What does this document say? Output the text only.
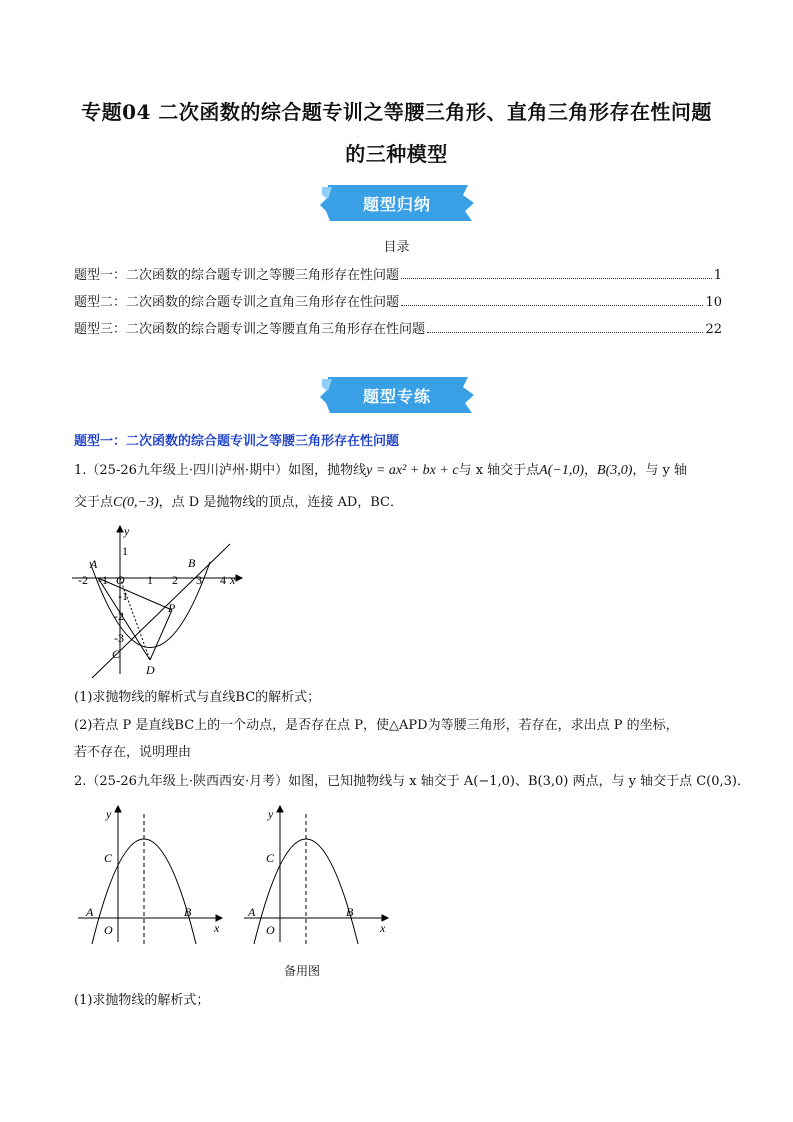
专题04 二次函数的综合题专训之等腰三角形、直角三角形存在性问题
的三种模型
题型归纳
目录
题型一：二次函数的综合题专训之等腰三角形存在性问题	1
题型二：二次函数的综合题专训之直角三角形存在性问题	10
题型三：二次函数的综合题专训之等腰直角三角形存在性问题	22
题型专练
题型一：二次函数的综合题专训之等腰三角形存在性问题
1.（25-26九年级上·四川泸州·期中）如图，抛物线y = ax² + bx + c与 x 轴交于点A(−1,0)，B(3,0)，与 y 轴
交于点C(0,−3)，点 D 是抛物线的顶点，连接 AD，BC．
y
x
O
A	B
C
D
P
-2 -1	1 2 3 4
1
-1
-2
-3
(1)求抛物线的解析式与直线BC的解析式；
(2)若点 P 是直线BC上的一个动点，是否存在点 P，使△APD为等腰三角形，若存在，求出点 P 的坐标，
若不存在，说明理由
2.（25-26九年级上·陕西西安·月考）如图，已知抛物线与 x 轴交于 A(−1,0)、B(3,0) 两点，与 y 轴交于点 C(0,3)．
y
x
O
A	B
C
y
x
O
A	B
C
备用图
(1)求抛物线的解析式；
